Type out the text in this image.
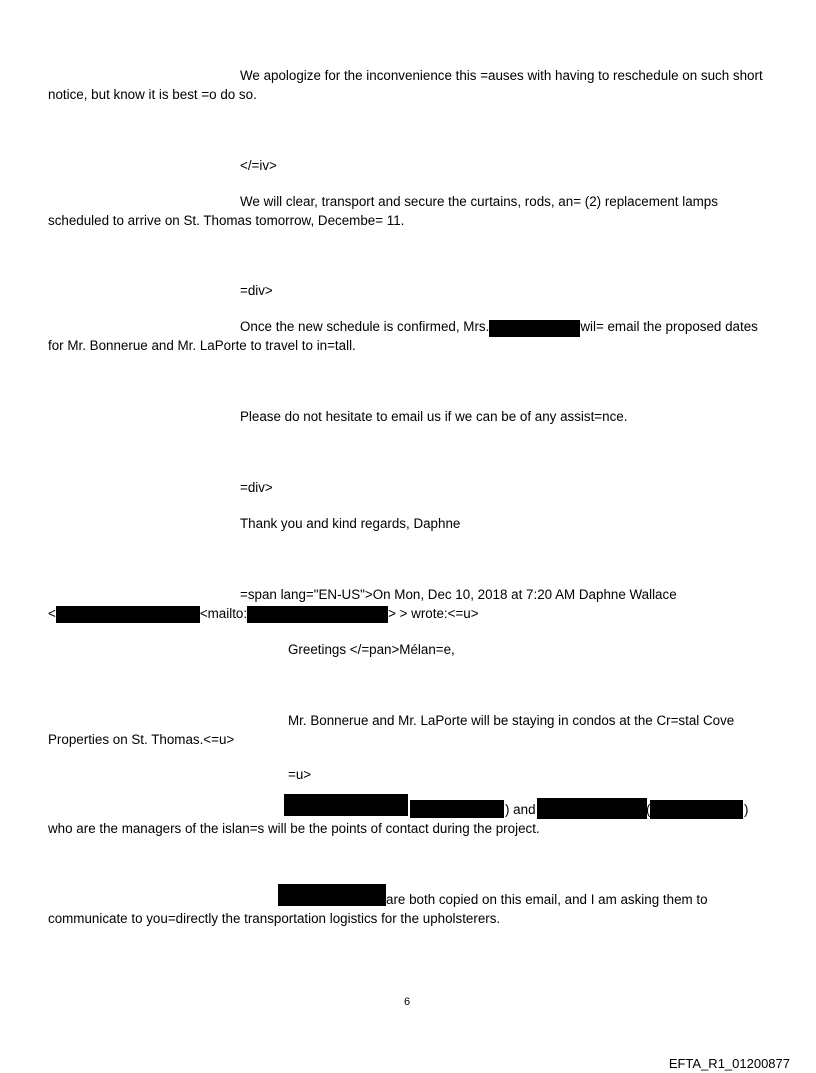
We apologize for the inconvenience this =auses with having to reschedule on such short
notice, but know it is best =o do so.
</=iv>
We will clear, transport and secure the curtains, rods, an= (2) replacement lamps
scheduled to arrive on St. Thomas tomorrow, Decembe= 11.
=div>
Once the new schedule is confirmed, Mrs.	wil= email the proposed dates
for Mr. Bonnerue and Mr. LaPorte to travel to in=tall.
Please do not hesitate to email us if we can be of any assist=nce.
=div>
Thank you and kind regards, Daphne
=span lang="EN-US">On Mon, Dec 10, 2018 at 7:20 AM Daphne Wallace
<	<mailto:	> > wrote:<=u>
Greetings </=pan>Mélan=e,
Mr. Bonnerue and Mr. LaPorte will be staying in condos at the Cr=stal Cove
Properties on St. Thomas.<=u>
=u>
) and	(	)
who are the managers of the islan=s will be the points of contact during the project.
are both copied on this email, and I am asking them to
communicate to you=directly the transportation logistics for the upholsterers.
6
EFTA_R1_01200877
